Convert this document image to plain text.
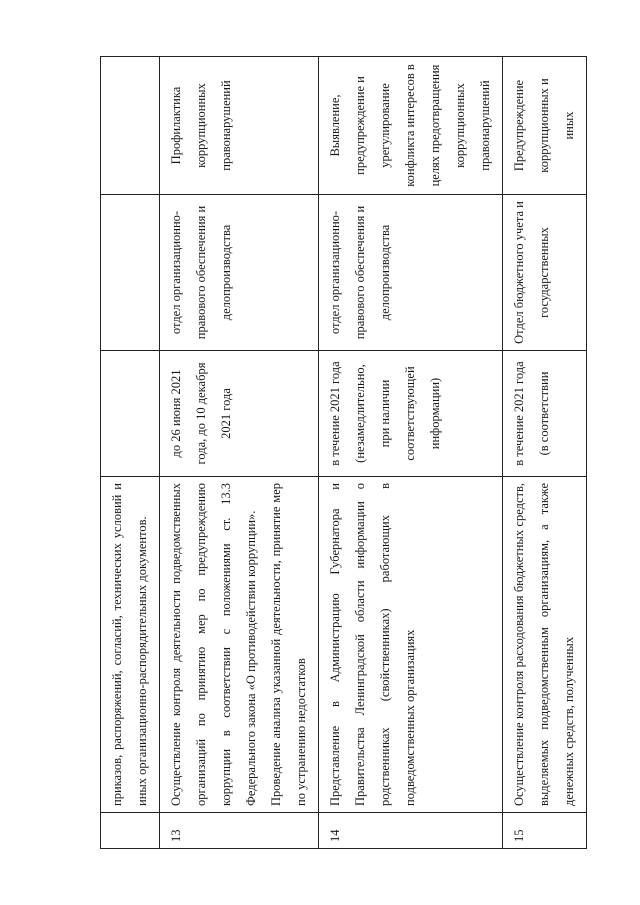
	приказов, распоряжений, согласий, технических условий и иных организационно-распорядительных документов.			
13	Осуществление контроля деятельности подведомственных организаций по принятию мер по предупреждению коррупции в соответствии с положениями ст. 13.3 Федерального закона «О противодействии коррупции». Проведение анализа указанной деятельности, принятие мер по устранению недостатков	до 26 июня 2021 года, до 10 декабря 2021 года	отдел организационно-правового обеспечения и делопроизводства	Профилактика коррупционных правонарушений
14	Представление в Администрацию Губернатора и Правительства Ленинградской области информации о родственниках (свойственниках) работающих в подведомственных организациях	в течение 2021 года (незамедлительно, при наличии соответствующей информации)	отдел организационно-правового обеспечения и делопроизводства	Выявление, предупреждение и урегулирование конфликта интересов в целях предотвращения коррупционных правонарушений
15	Осуществление контроля расходования бюджетных средств, выделяемых подведомственным организациям, а также денежных средств, полученных	в течение 2021 года (в соответствии	Отдел бюджетного учета и государственных	Предупреждение коррупционных и иных
